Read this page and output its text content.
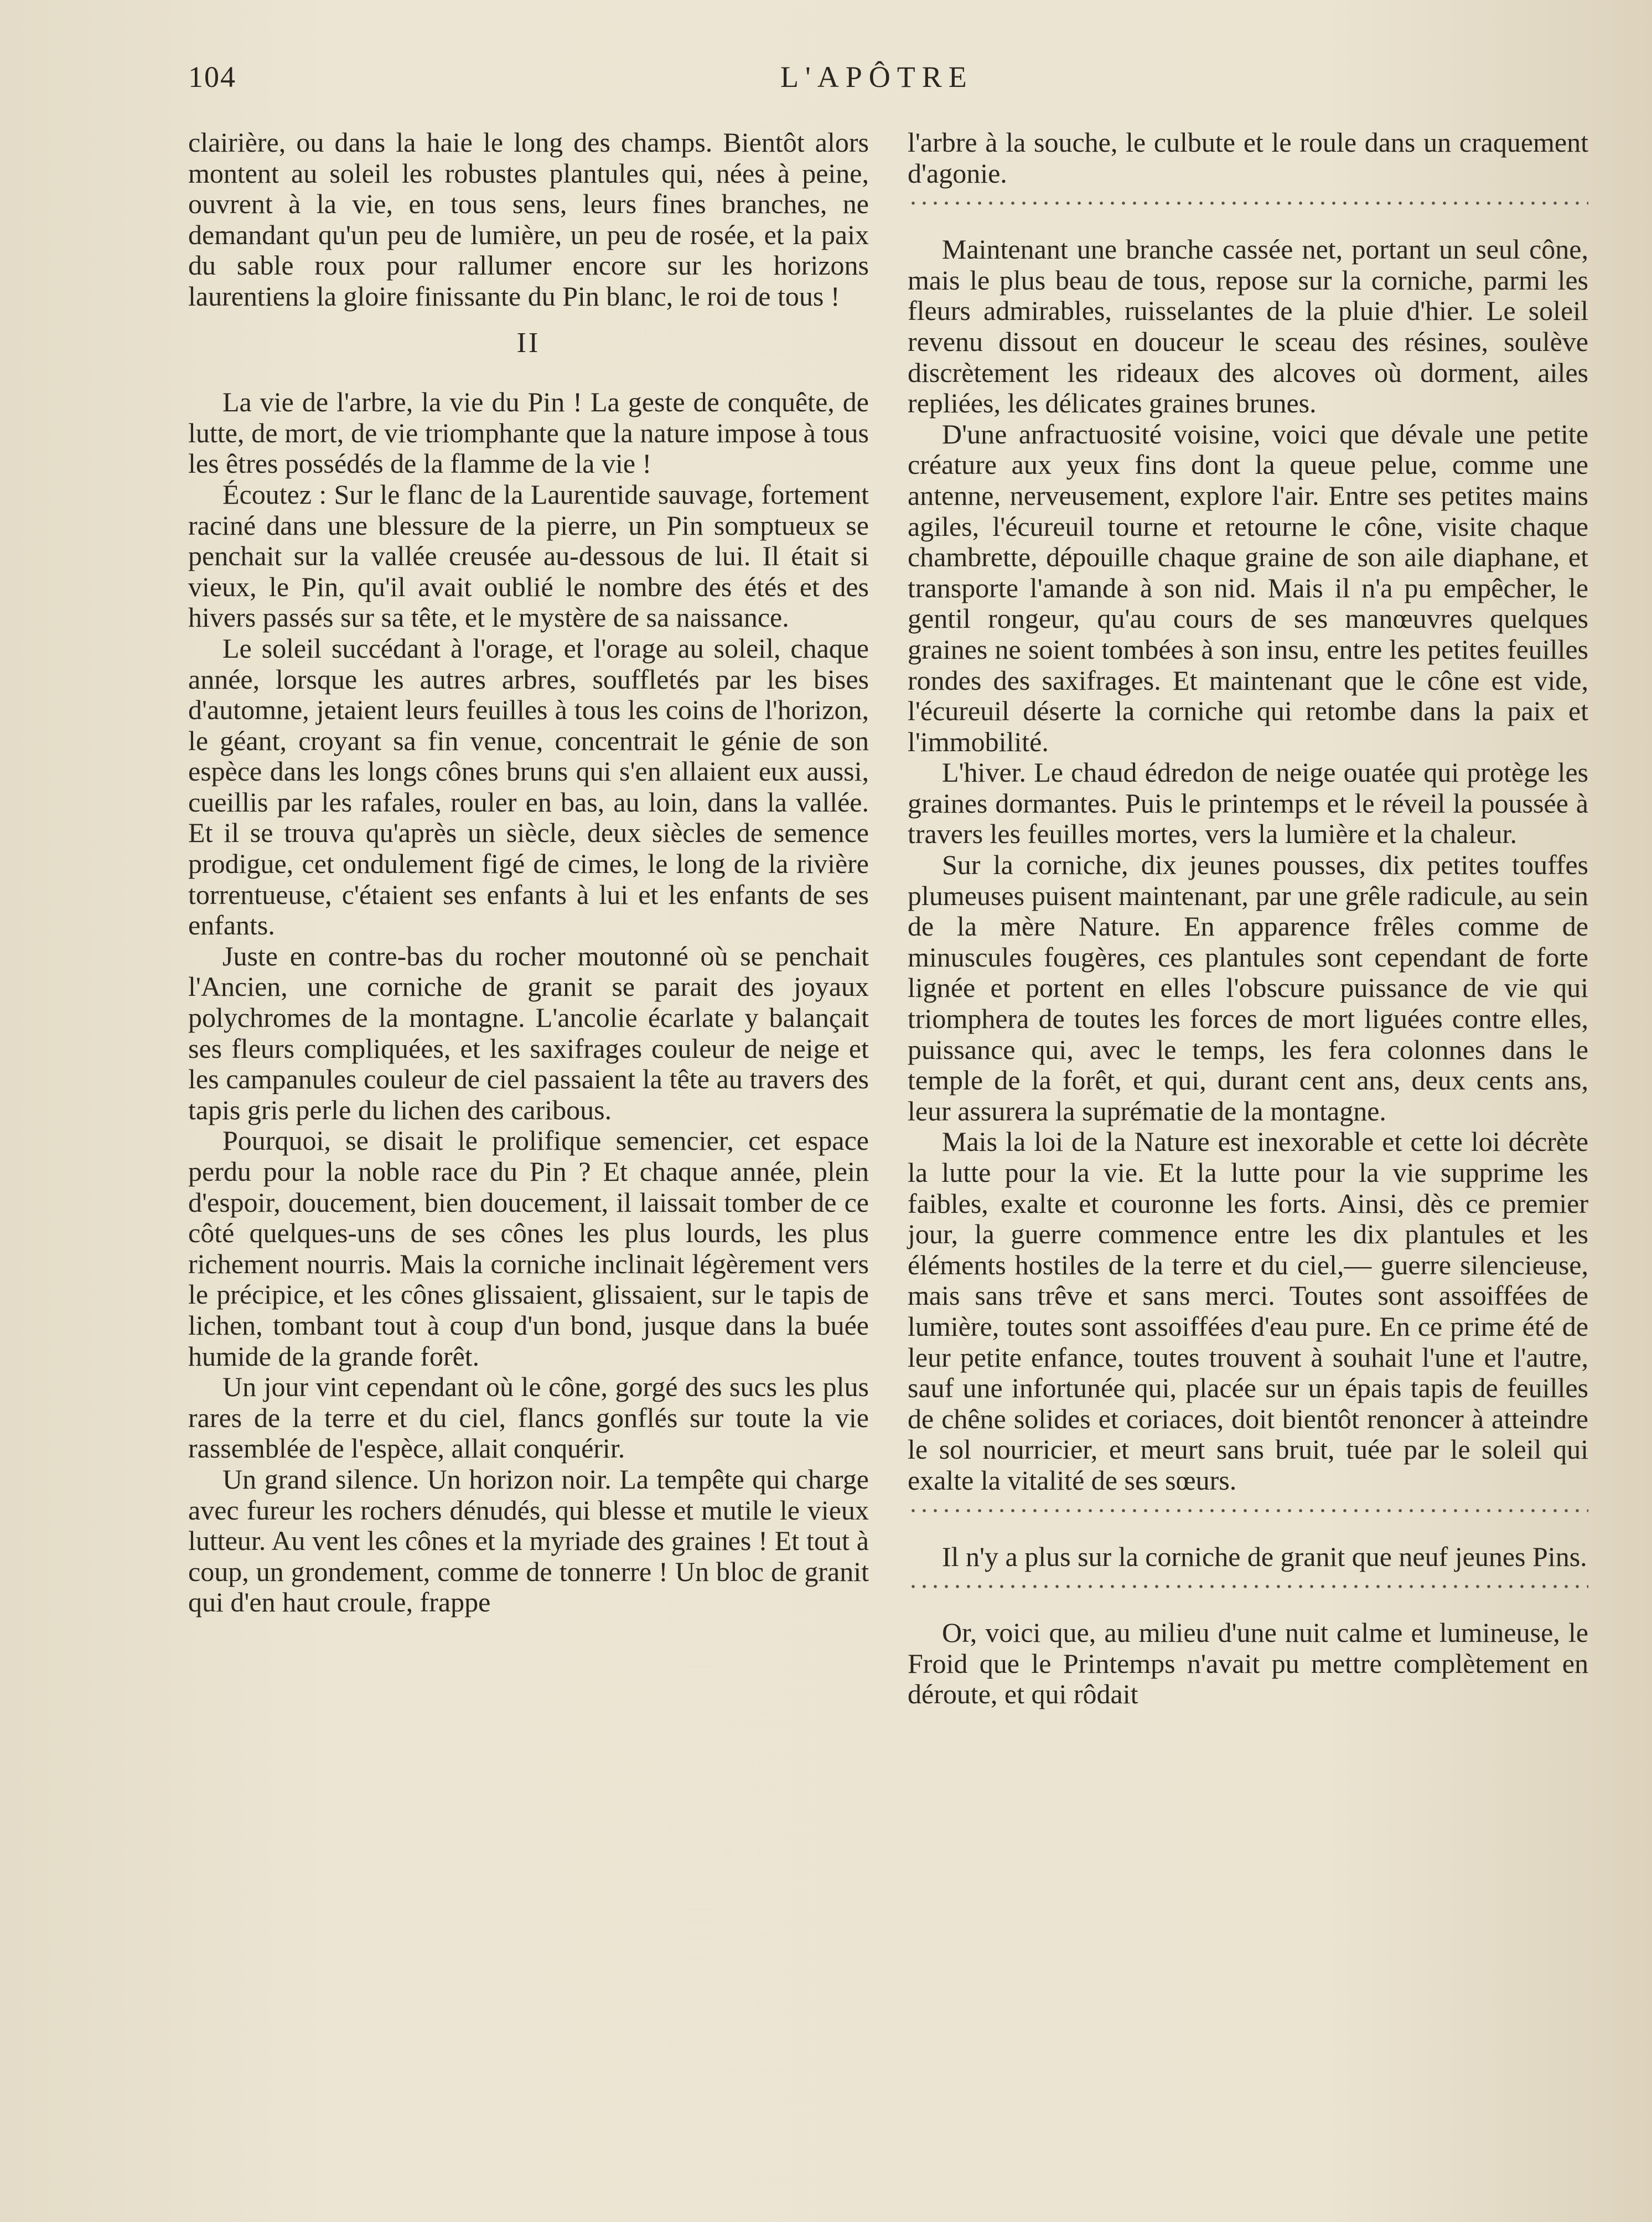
104	L'APÔTRE

clairière, ou dans la haie le long des champs. Bientôt alors montent au soleil les robustes plantules qui, nées à peine, ouvrent à la vie, en tous sens, leurs fines branches, ne demandant qu'un peu de lumière, un peu de rosée, et la paix du sable roux pour rallumer encore sur les horizons laurentiens la gloire finissante du Pin blanc, le roi de tous !

II

La vie de l'arbre, la vie du Pin ! La geste de conquête, de lutte, de mort, de vie triomphante que la nature impose à tous les êtres possédés de la flamme de la vie !

Écoutez : Sur le flanc de la Laurentide sauvage, fortement raciné dans une blessure de la pierre, un Pin somptueux se penchait sur la vallée creusée au-dessous de lui. Il était si vieux, le Pin, qu'il avait oublié le nombre des étés et des hivers passés sur sa tête, et le mystère de sa naissance.

Le soleil succédant à l'orage, et l'orage au soleil, chaque année, lorsque les autres arbres, souffletés par les bises d'automne, jetaient leurs feuilles à tous les coins de l'horizon, le géant, croyant sa fin venue, concentrait le génie de son espèce dans les longs cônes bruns qui s'en allaient eux aussi, cueillis par les rafales, rouler en bas, au loin, dans la vallée. Et il se trouva qu'après un siècle, deux siècles de semence prodigue, cet ondulement figé de cimes, le long de la rivière torrentueuse, c'étaient ses enfants à lui et les enfants de ses enfants.

Juste en contre-bas du rocher moutonné où se penchait l'Ancien, une corniche de granit se parait des joyaux polychromes de la montagne. L'ancolie écarlate y balançait ses fleurs compliquées, et les saxifrages couleur de neige et les campanules couleur de ciel passaient la tête au travers des tapis gris perle du lichen des caribous.

Pourquoi, se disait le prolifique semencier, cet espace perdu pour la noble race du Pin ? Et chaque année, plein d'espoir, doucement, bien doucement, il laissait tomber de ce côté quelques-uns de ses cônes les plus lourds, les plus richement nourris. Mais la corniche inclinait légèrement vers le précipice, et les cônes glissaient, glissaient, sur le tapis de lichen, tombant tout à coup d'un bond, jusque dans la buée humide de la grande forêt.

Un jour vint cependant où le cône, gorgé des sucs les plus rares de la terre et du ciel, flancs gonflés sur toute la vie rassemblée de l'espèce, allait conquérir.

Un grand silence. Un horizon noir. La tempête qui charge avec fureur les rochers dénudés, qui blesse et mutile le vieux lutteur. Au vent les cônes et la myriade des graines ! Et tout à coup, un grondement, comme de tonnerre ! Un bloc de granit qui d'en haut croule, frappe

l'arbre à la souche, le culbute et le roule dans un craquement d'agonie.

Maintenant une branche cassée net, portant un seul cône, mais le plus beau de tous, repose sur la corniche, parmi les fleurs admirables, ruisselantes de la pluie d'hier. Le soleil revenu dissout en douceur le sceau des résines, soulève discrètement les rideaux des alcoves où dorment, ailes repliées, les délicates graines brunes.

D'une anfractuosité voisine, voici que dévale une petite créature aux yeux fins dont la queue pelue, comme une antenne, nerveusement, explore l'air. Entre ses petites mains agiles, l'écureuil tourne et retourne le cône, visite chaque chambrette, dépouille chaque graine de son aile diaphane, et transporte l'amande à son nid. Mais il n'a pu empêcher, le gentil rongeur, qu'au cours de ses manœuvres quelques graines ne soient tombées à son insu, entre les petites feuilles rondes des saxifrages. Et maintenant que le cône est vide, l'écureuil déserte la corniche qui retombe dans la paix et l'immobilité.

L'hiver. Le chaud édredon de neige ouatée qui protège les graines dormantes. Puis le printemps et le réveil la poussée à travers les feuilles mortes, vers la lumière et la chaleur.

Sur la corniche, dix jeunes pousses, dix petites touffes plumeuses puisent maintenant, par une grêle radicule, au sein de la mère Nature. En apparence frêles comme de minuscules fougères, ces plantules sont cependant de forte lignée et portent en elles l'obscure puissance de vie qui triomphera de toutes les forces de mort liguées contre elles, puissance qui, avec le temps, les fera colonnes dans le temple de la forêt, et qui, durant cent ans, deux cents ans, leur assurera la suprématie de la montagne.

Mais la loi de la Nature est inexorable et cette loi décrète la lutte pour la vie. Et la lutte pour la vie supprime les faibles, exalte et couronne les forts. Ainsi, dès ce premier jour, la guerre commence entre les dix plantules et les éléments hostiles de la terre et du ciel,— guerre silencieuse, mais sans trêve et sans merci. Toutes sont assoiffées de lumière, toutes sont assoiffées d'eau pure. En ce prime été de leur petite enfance, toutes trouvent à souhait l'une et l'autre, sauf une infortunée qui, placée sur un épais tapis de feuilles de chêne solides et coriaces, doit bientôt renoncer à atteindre le sol nourricier, et meurt sans bruit, tuée par le soleil qui exalte la vitalité de ses sœurs.

Il n'y a plus sur la corniche de granit que neuf jeunes Pins.

Or, voici que, au milieu d'une nuit calme et lumineuse, le Froid que le Printemps n'avait pu mettre complètement en déroute, et qui rôdait
